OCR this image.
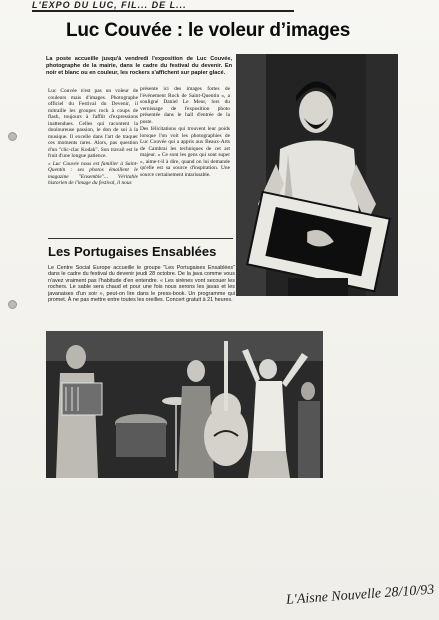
L'EXPO DU LUC, FIL... DE L...
Luc Couvée : le voleur d’images
La poste accueille jusqu'à vendredi l'exposition de Luc Couvée, photographe de la mairie, dans le cadre du festival du devenir. En noir et blanc ou en couleur, les rockers s'affichent sur papier glacé.

Luc Couvée n'est pas un voleur de couleurs mais d'images. Photographe officiel du Festival du Devenir, il mitraille les groupes rock à coups de flash, toujours à l'affût d'expressions inattendues. Celles qui racontent la douloureuse passion, le don de soi à la musique. Il excelle dans l'art de traquer ces moments rares. Alors, pas question d'un "clic-clac Kodak". Son travail est le fruit d'une longue patience.

« Luc Couvée nous est familier à Saint-Quentin : ses photos émaillent le magazine "Ensemble"... Véritable historien de l'image du festival, il nous

présente ici des images fortes de l'événement Rock de Saint-Quentin », a souligné Daniel Le Meur, lors du vernissage de l'exposition photo présentée dans le hall d'entrée de la poste.

Des félicitations qui trouvent leur poids lorsque l'on voit les photographies de Luc Couvée qui a appris aux Beaux-Arts de Cambrai les techniques de cet art majeur. « Ce sont les gens qui sont super », aime-t-il à dire, quand on lui demande qu'elle est sa source d'inspiration. Une source certainement intarissable.

Les Portugaises Ensablées
Le Centre Social Europe accueille le groupe "Les Portugaises Ensablées" dans le cadre du festival du devenir jeudi 28 octobre. De la java comme vous n'avez vraiment pas l'habitude d'en entendre. « Les sirènes vont secouer les rochers. Le sable sera chaud et pour une fois nous serons les javas et les javanaises d'un soir », peut-on lire dans le press-book. Un programme qui promet. À ne pas mettre entre toutes les oreilles. Concert gratuit à 21 heures.
L'Aisne Nouvelle 28/10/93
